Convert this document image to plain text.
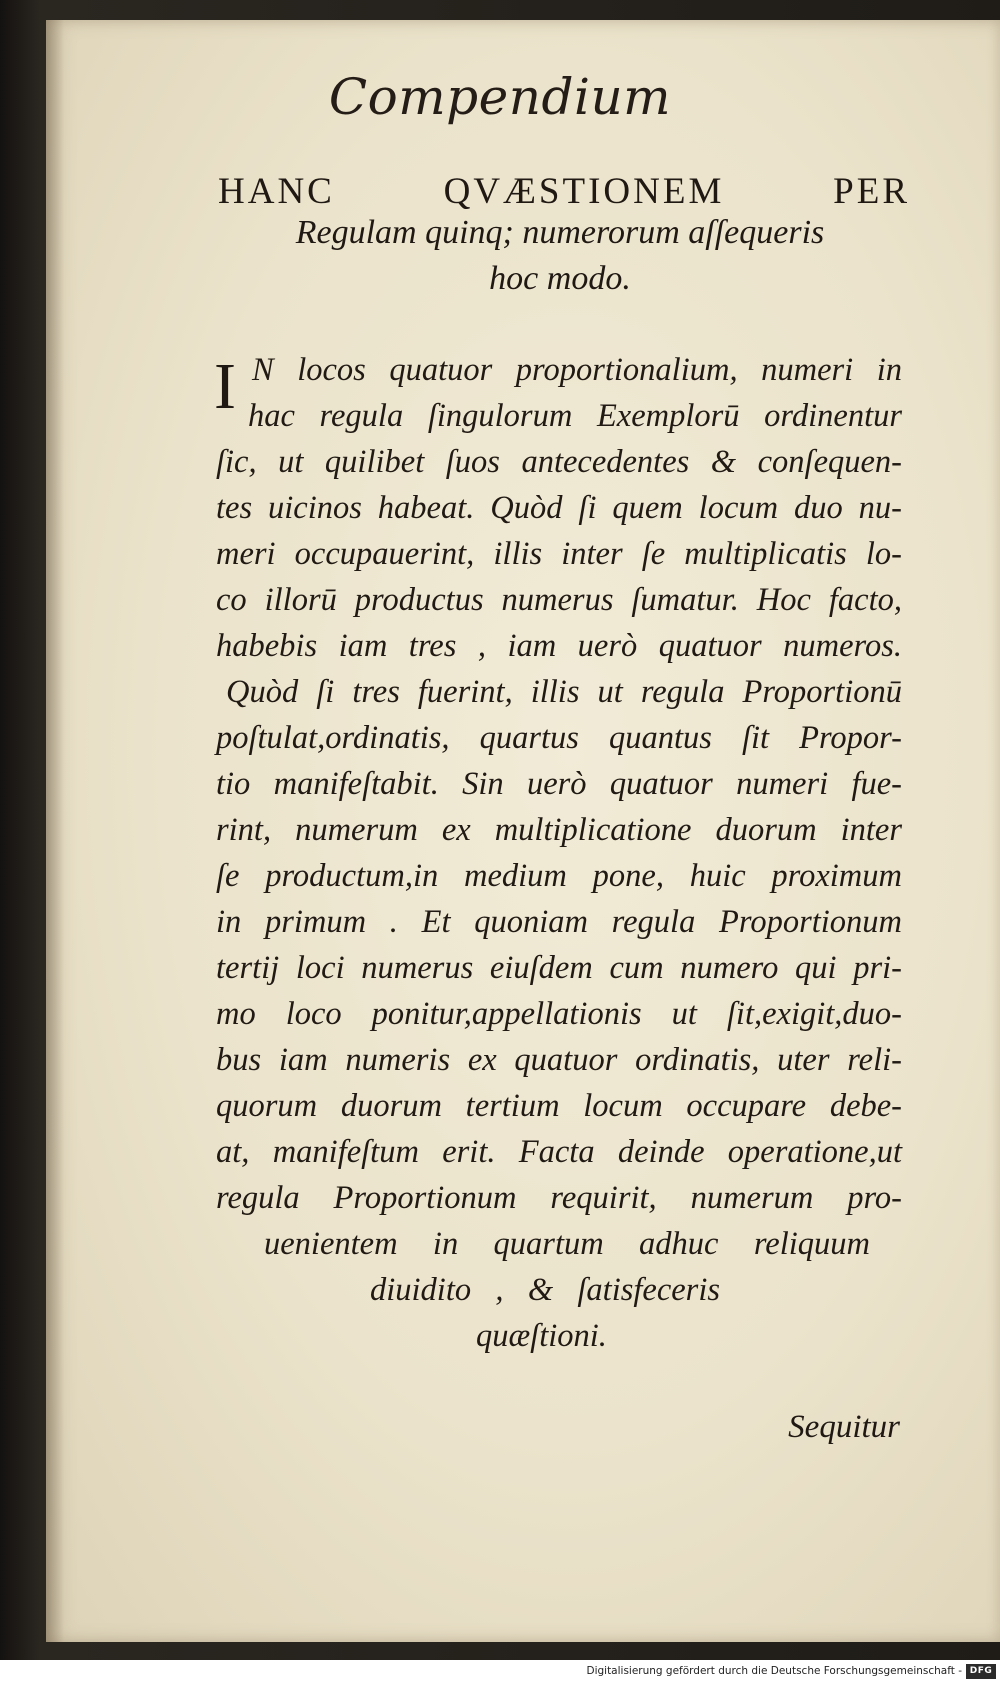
Compendium
HANC QVÆSTIONEM PER
Regulam quinq; numerorum aſſequeris
hoc modo.
I N locos quatuor proportionalium, numeri in
hac regula ſingulorum Exemplorū ordinentur
ſic, ut quilibet ſuos antecedentes & conſequen-
tes uicinos habeat. Quòd ſi quem locum duo nu-
meri occupauerint, illis inter ſe multiplicatis lo-
co illorū productus numerus ſumatur. Hoc facto,
habebis iam tres , iam uerò quatuor numeros.
Quòd ſi tres fuerint, illis ut regula Proportionū
poſtulat,ordinatis, quartus quantus ſit Propor-
tio manifeſtabit. Sin uerò quatuor numeri fue-
rint, numerum ex multiplicatione duorum inter
ſe productum,in medium pone, huic proximum
in primum . Et quoniam regula Proportionum
tertij loci numerus eiuſdem cum numero qui pri-
mo loco ponitur,appellationis ut ſit,exigit,duo-
bus iam numeris ex quatuor ordinatis, uter reli-
quorum duorum tertium locum occupare debe-
at, manifeſtum erit. Facta deinde operatione,ut
regula Proportionum requirit, numerum pro-
uenientem in quartum adhuc reliquum
diuidito , & ſatisfeceris
quæſtioni.
Sequitur
Digitalisierung gefördert durch die Deutsche Forschungsgemeinschaft - DFG
